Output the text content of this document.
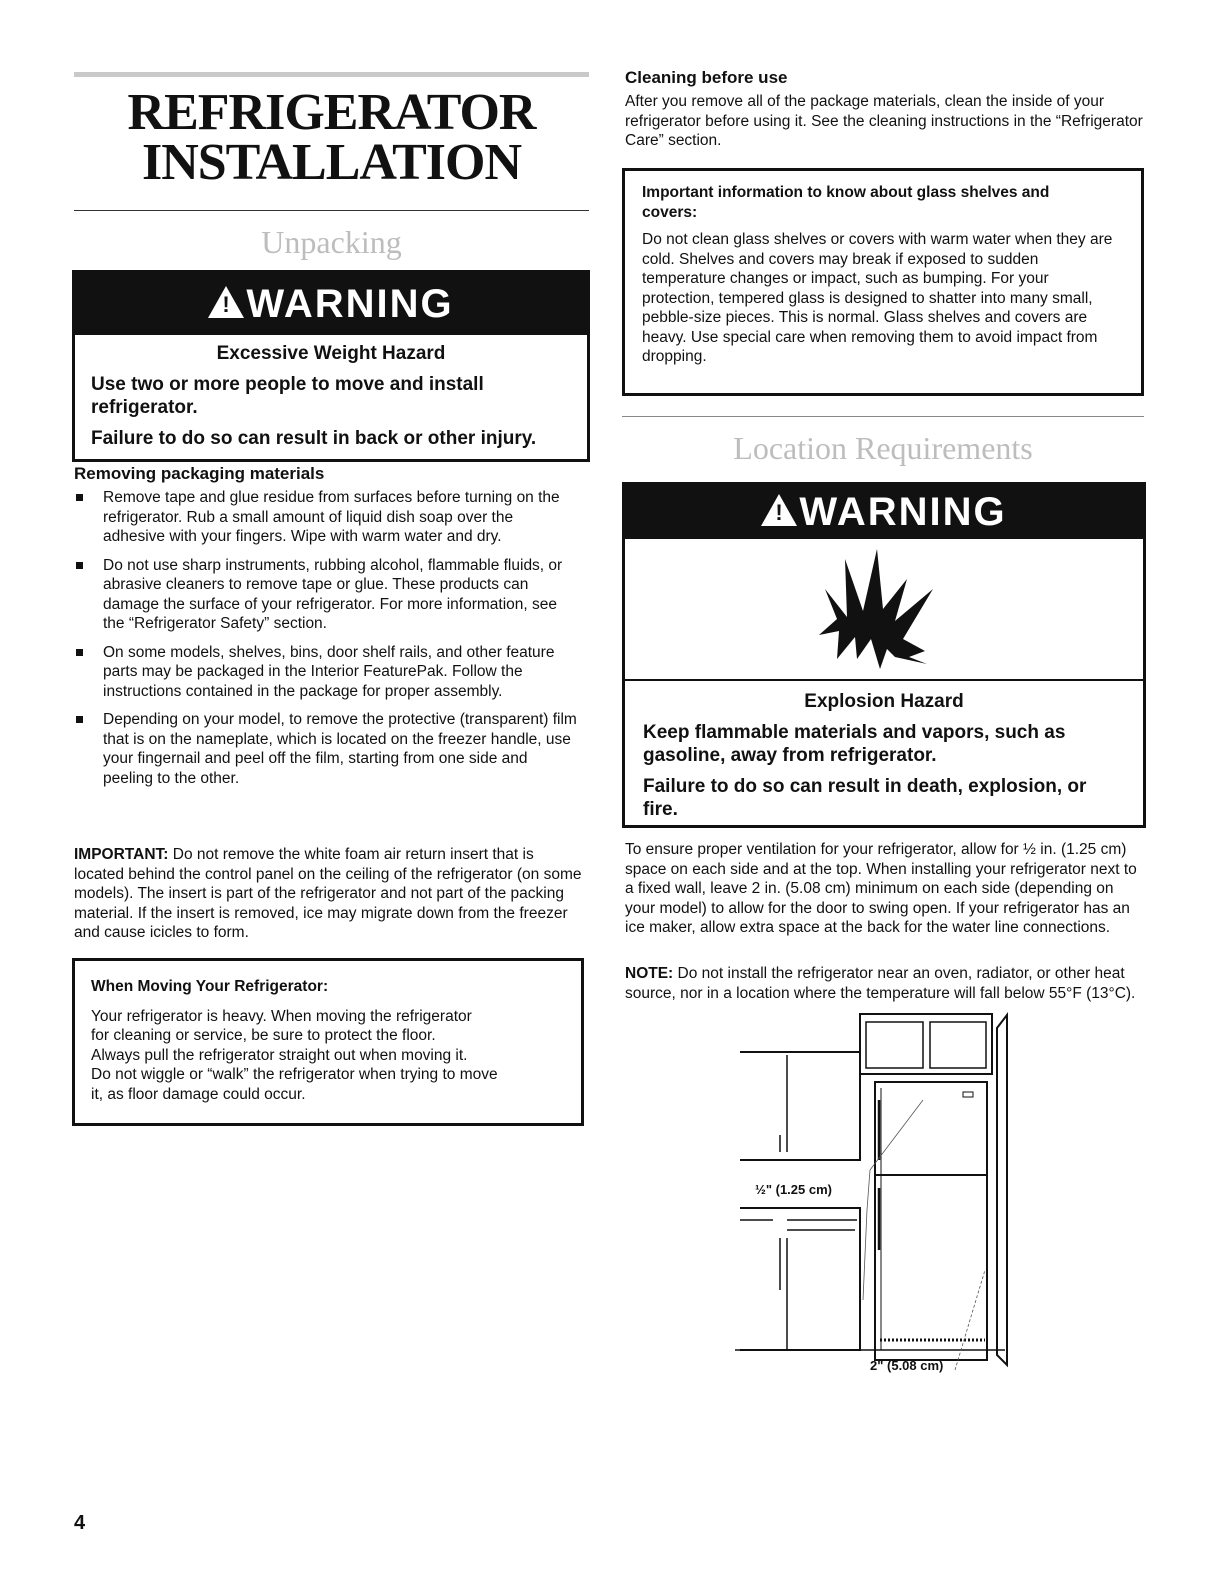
REFRIGERATOR
INSTALLATION
Unpacking
! WARNING
Excessive Weight Hazard
Use two or more people to move and install refrigerator.
Failure to do so can result in back or other injury.
Removing packaging materials
Remove tape and glue residue from surfaces before turning on the refrigerator. Rub a small amount of liquid dish soap over the adhesive with your fingers. Wipe with warm water and dry.
Do not use sharp instruments, rubbing alcohol, flammable fluids, or abrasive cleaners to remove tape or glue. These products can damage the surface of your refrigerator. For more information, see the “Refrigerator Safety” section.
On some models, shelves, bins, door shelf rails, and other feature parts may be packaged in the Interior FeaturePak. Follow the instructions contained in the package for proper assembly.
Depending on your model, to remove the protective (transparent) film that is on the nameplate, which is located on the freezer handle, use your fingernail and peel off the film, starting from one side and peeling to the other.
IMPORTANT: Do not remove the white foam air return insert that is located behind the control panel on the ceiling of the refrigerator (on some models). The insert is part of the refrigerator and not part of the packing material. If the insert is removed, ice may migrate down from the freezer and cause icicles to form.
When Moving Your Refrigerator:
Your refrigerator is heavy. When moving the refrigerator
for cleaning or service, be sure to protect the floor.
Always pull the refrigerator straight out when moving it.
Do not wiggle or “walk” the refrigerator when trying to move
it, as floor damage could occur.
4
Cleaning before use
After you remove all of the package materials, clean the inside of your refrigerator before using it. See the cleaning instructions in the “Refrigerator Care” section.
Important information to know about glass shelves and covers:
Do not clean glass shelves or covers with warm water when they are cold. Shelves and covers may break if exposed to sudden temperature changes or impact, such as bumping. For your protection, tempered glass is designed to shatter into many small, pebble-size pieces. This is normal. Glass shelves and covers are heavy. Use special care when removing them to avoid impact from dropping.
Location Requirements
! WARNING
Explosion Hazard
Keep flammable materials and vapors, such as gasoline, away from refrigerator.
Failure to do so can result in death, explosion, or fire.
To ensure proper ventilation for your refrigerator, allow for ½ in. (1.25 cm) space on each side and at the top. When installing your refrigerator next to a fixed wall, leave 2 in. (5.08 cm) minimum on each side (depending on your model) to allow for the door to swing open. If your refrigerator has an ice maker, allow extra space at the back for the water line connections.
NOTE: Do not install the refrigerator near an oven, radiator, or other heat source, nor in a location where the temperature will fall below 55°F (13°C).
½" (1.25 cm)
2" (5.08 cm)
